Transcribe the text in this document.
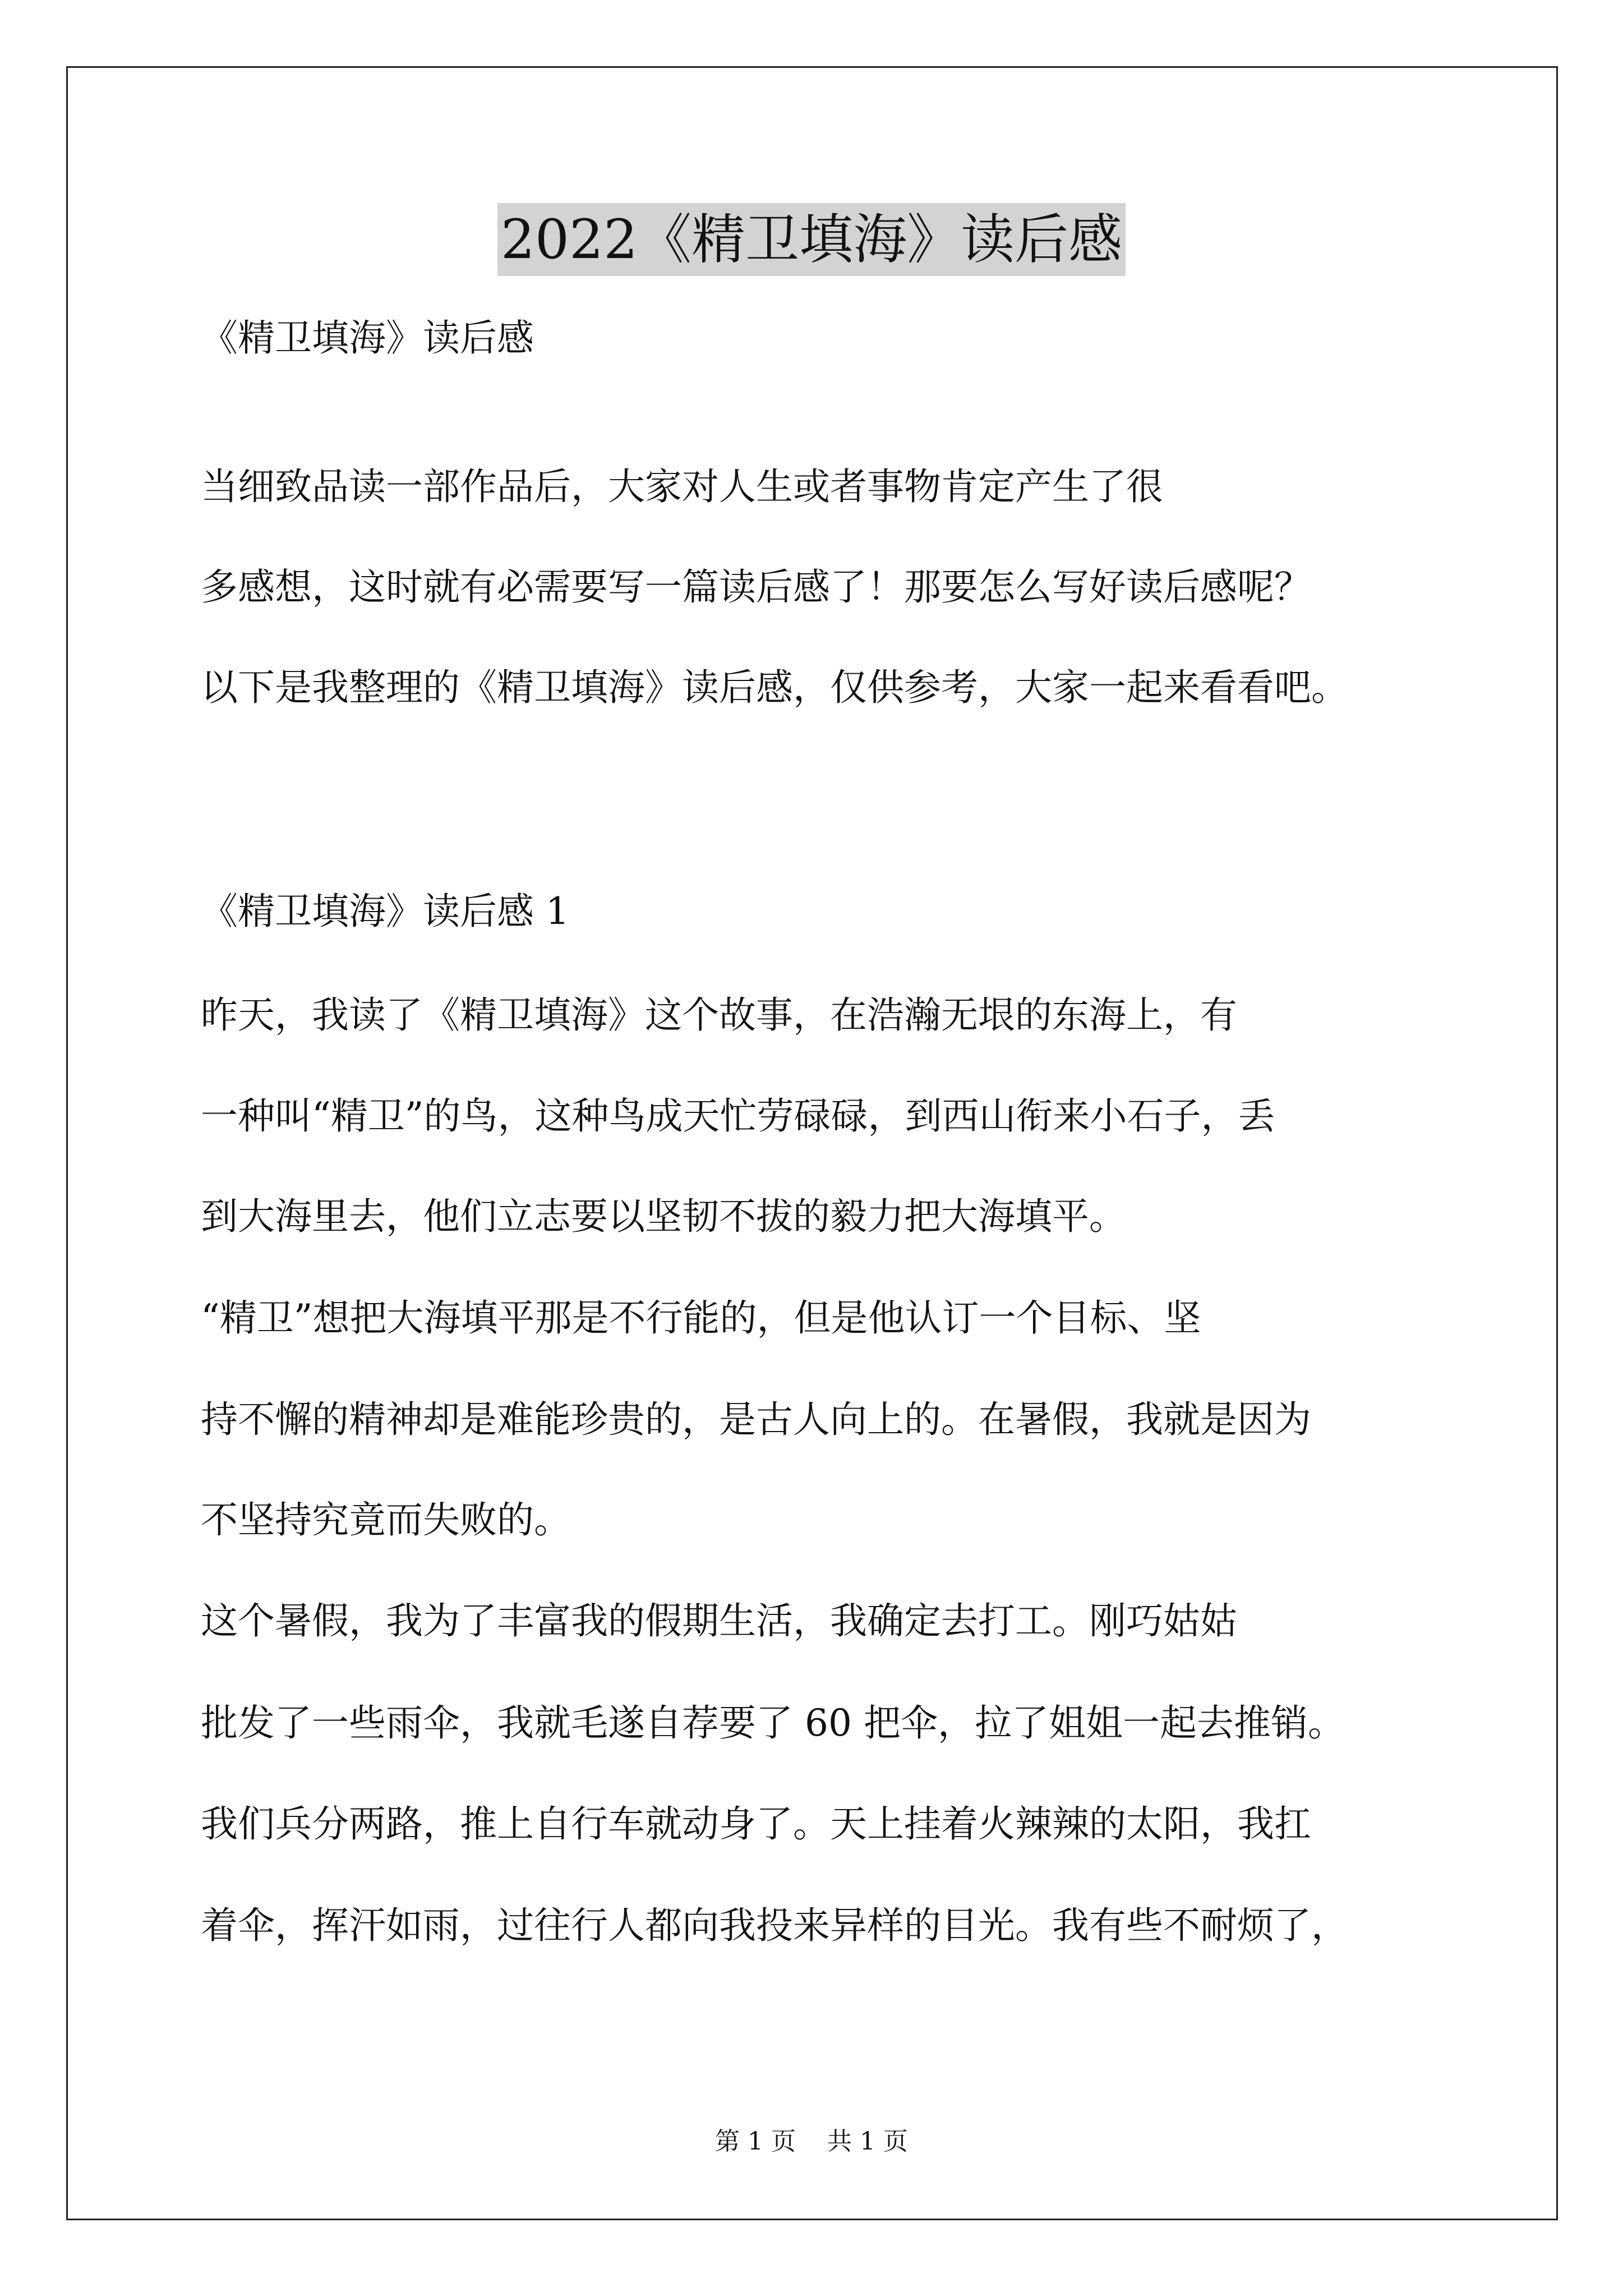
2022《精卫填海》读后感
《精卫填海》读后感
当细致品读一部作品后，大家对人生或者事物肯定产生了很
多感想，这时就有必需要写一篇读后感了！那要怎么写好读后感呢？
以下是我整理的《精卫填海》读后感，仅供参考，大家一起来看看吧。
《精卫填海》读后感 1
昨天，我读了《精卫填海》这个故事，在浩瀚无垠的东海上，有
一种叫“精卫”的鸟，这种鸟成天忙劳碌碌，到西山衔来小石子，丢
到大海里去，他们立志要以坚韧不拔的毅力把大海填平。
“精卫”想把大海填平那是不行能的，但是他认订一个目标、坚
持不懈的精神却是难能珍贵的，是古人向上的。在暑假，我就是因为
不坚持究竟而失败的。
这个暑假，我为了丰富我的假期生活，我确定去打工。刚巧姑姑
批发了一些雨伞，我就毛遂自荐要了 60 把伞，拉了姐姐一起去推销。
我们兵分两路，推上自行车就动身了。天上挂着火辣辣的太阳，我扛
着伞，挥汗如雨，过往行人都向我投来异样的目光。我有些不耐烦了，
第 1 页    共 1 页
